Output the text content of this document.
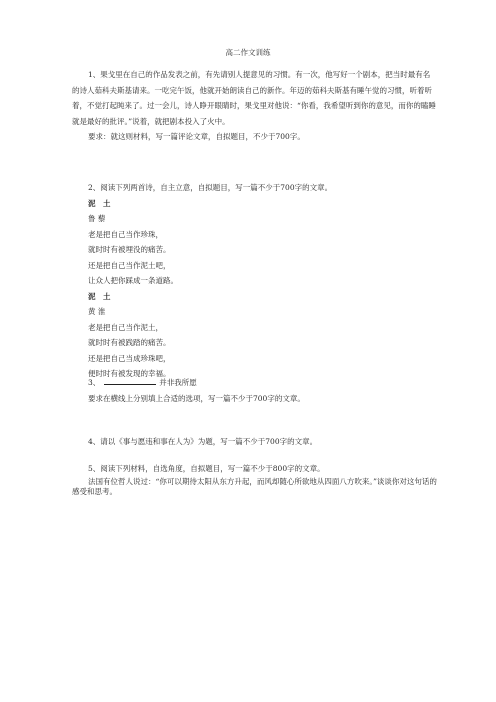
高二作文训练

1、果戈里在自己的作品发表之前，有先请别人提意见的习惯。有一次，他写好一个剧本，把当时最有名的诗人茹科夫斯基请来。一吃完午饭，他就开始朗读自己的新作。年迈的茹科夫斯基有睡午觉的习惯，听着听着，不觉打起盹来了。过一会儿，诗人睁开眼睛时，果戈里对他说：“你看，我希望听到你的意见，而你的瞌睡就是最好的批评。”说着，就把剧本投入了火中。

要求：就这则材料，写一篇评论文章，自拟题目，不少于700字。

2、阅读下列两首诗，自主立意，自拟题目，写一篇不少于700字的文章。

泥　土

鲁 藜

老是把自己当作珍珠，

就时时有被埋没的痛苦。

还是把自己当作泥土吧，

让众人把你踩成一条道路。

泥　土

黄 淮

老是把自己当作泥土，

就时时有被践踏的痛苦。

还是把自己当成珍珠吧，

便时时有被发现的幸福。

3、	并非我所愿

要求在横线上分别填上合适的选项，写一篇不少于700字的文章。

4、请以《事与愿违和事在人为》为题，写一篇不少于700字的文章。

5、阅读下列材料，自选角度，自拟题目，写一篇不少于800字的文章。

法国有位哲人说过：“你可以期待太阳从东方升起，而风却随心所欲地从四面八方吹来。”谈谈你对这句话的感受和思考。
